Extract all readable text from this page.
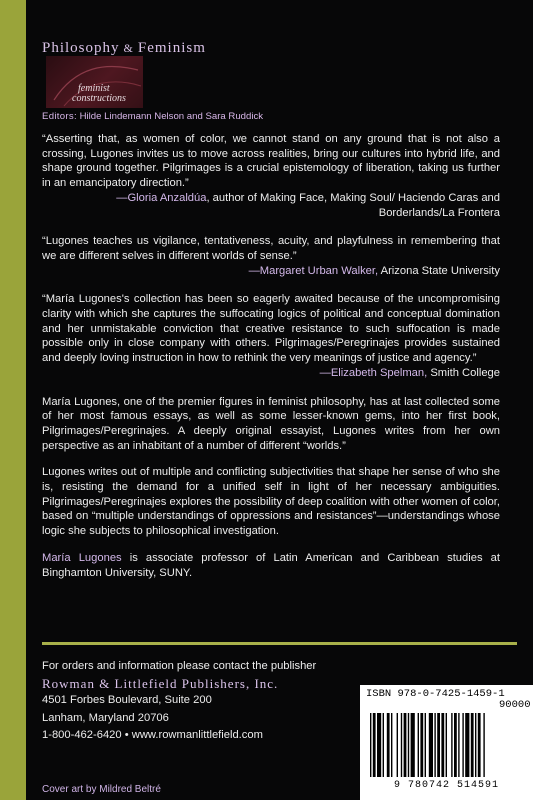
Philosophy & Feminism
feminist
constructions
Editors: Hilde Lindemann Nelson and Sara Ruddick

“Asserting that, as women of color, we cannot stand on any ground that is not also a crossing, Lugones invites us to move across realities, bring our cultures into hybrid life, and shape ground together. Pilgrimages is a crucial epistemology of liberation, taking us further in an emancipatory direction.”

—Gloria Anzaldúa, author of Making Face, Making Soul/ Haciendo Caras and Borderlands/La Frontera

“Lugones teaches us vigilance, tentativeness, acuity, and playfulness in remembering that we are different selves in different worlds of sense.”

—Margaret Urban Walker, Arizona State University

“María Lugones's collection has been so eagerly awaited because of the uncompromising clarity with which she captures the suffocating logics of political and conceptual domination and her unmistakable conviction that creative resistance to such suffocation is made possible only in close company with others. Pilgrimages/Peregrinajes provides sustained and deeply loving instruction in how to rethink the very meanings of justice and agency.”

—Elizabeth Spelman, Smith College

María Lugones, one of the premier figures in feminist philosophy, has at last collected some of her most famous essays, as well as some lesser-known gems, into her first book, Pilgrimages/Peregrinajes. A deeply original essayist, Lugones writes from her own perspective as an inhabitant of a number of different “worlds.”

Lugones writes out of multiple and conflicting subjectivities that shape her sense of who she is, resisting the demand for a unified self in light of her necessary ambiguities. Pilgrimages/Peregrinajes explores the possibility of deep coalition with other women of color, based on “multiple understandings of oppressions and resistances”—understandings whose logic she subjects to philosophical investigation.

María Lugones is associate professor of Latin American and Caribbean studies at Binghamton University, SUNY.

For orders and information please contact the publisher
Rowman & Littlefield Publishers, Inc.
4501 Forbes Boulevard, Suite 200
Lanham, Maryland 20706
1-800-462-6420 • www.rowmanlittlefield.com
Cover art by Mildred Beltré
ISBN 978-0-7425-1459-1
90000
9 780742 514591
